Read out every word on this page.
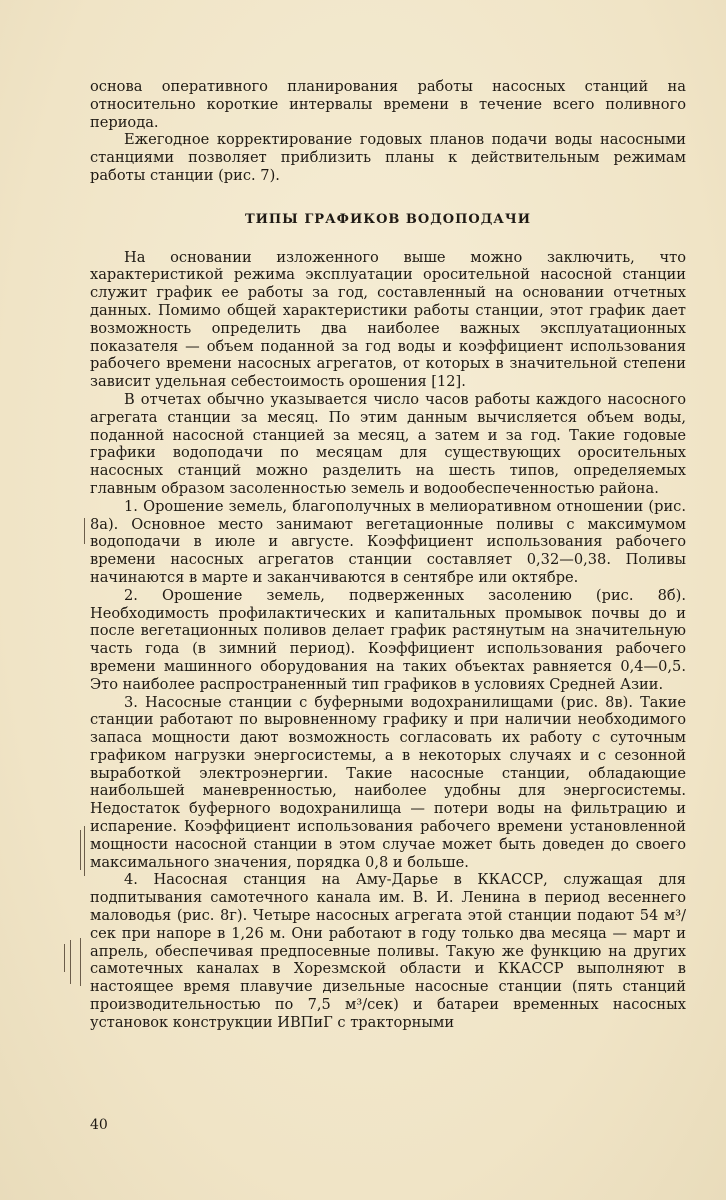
основа оперативного планирования работы насосных станций на относительно короткие интервалы времени в течение всего поливного периода.

Ежегодное корректирование годовых планов подачи воды насосными станциями позволяет приблизить планы к действительным режимам работы станции (рис. 7).

ТИПЫ ГРАФИКОВ ВОДОПОДАЧИ

На основании изложенного выше можно заключить, что характеристикой режима эксплуатации оросительной насосной станции служит график ее работы за год, составленный на основании отчетных данных. Помимо общей характеристики работы станции, этот график дает возможность определить два наиболее важных эксплуатационных показателя — объем поданной за год воды и коэффициент использования рабочего времени насосных агрегатов, от которых в значительной степени зависит удельная себестоимость орошения [12].

В отчетах обычно указывается число часов работы каждого насосного агрегата станции за месяц. По этим данным вычисляется объем воды, поданной насосной станцией за месяц, а затем и за год. Такие годовые графики водоподачи по месяцам для существующих оросительных насосных станций можно разделить на шесть типов, определяемых главным образом засоленностью земель и водообеспеченностью района.

1. Орошение земель, благополучных в мелиоративном отношении (рис. 8а). Основное место занимают вегетационные поливы с максимумом водоподачи в июле и августе. Коэффициент использования рабочего времени насосных агрегатов станции составляет 0,32—0,38. Поливы начинаются в марте и заканчиваются в сентябре или октябре.

2. Орошение земель, подверженных засолению (рис. 8б). Необходимость профилактических и капитальных промывок почвы до и после вегетационных поливов делает график растянутым на значительную часть года (в зимний период). Коэффициент использования рабочего времени машинного оборудования на таких объектах равняется 0,4—0,5. Это наиболее распространенный тип графиков в условиях Средней Азии.

3. Насосные станции с буферными водохранилищами (рис. 8в). Такие станции работают по выровненному графику и при наличии необходимого запаса мощности дают возможность согласовать их работу с суточным графиком нагрузки энергосистемы, а в некоторых случаях и с сезонной выработкой электроэнергии. Такие насосные станции, обладающие наибольшей маневренностью, наиболее удобны для энергосистемы. Недостаток буферного водохранилища — потери воды на фильтрацию и испарение. Коэффициент использования рабочего времени установленной мощности насосной станции в этом случае может быть доведен до своего максимального значения, порядка 0,8 и больше.

4. Насосная станция на Аму-Дарье в ККАССР, служащая для подпитывания самотечного канала им. В. И. Ленина в период весеннего маловодья (рис. 8г). Четыре насосных агрегата этой станции подают 54 м³/сек при напоре в 1,26 м. Они работают в году только два месяца — март и апрель, обеспечивая предпосевные поливы. Такую же функцию на других самотечных каналах в Хорезмской области и ККАССР выполняют в настоящее время плавучие дизельные насосные станции (пять станций производительностью по 7,5 м³/сек) и батареи временных насосных установок конструкции ИВПиГ с тракторными

40
